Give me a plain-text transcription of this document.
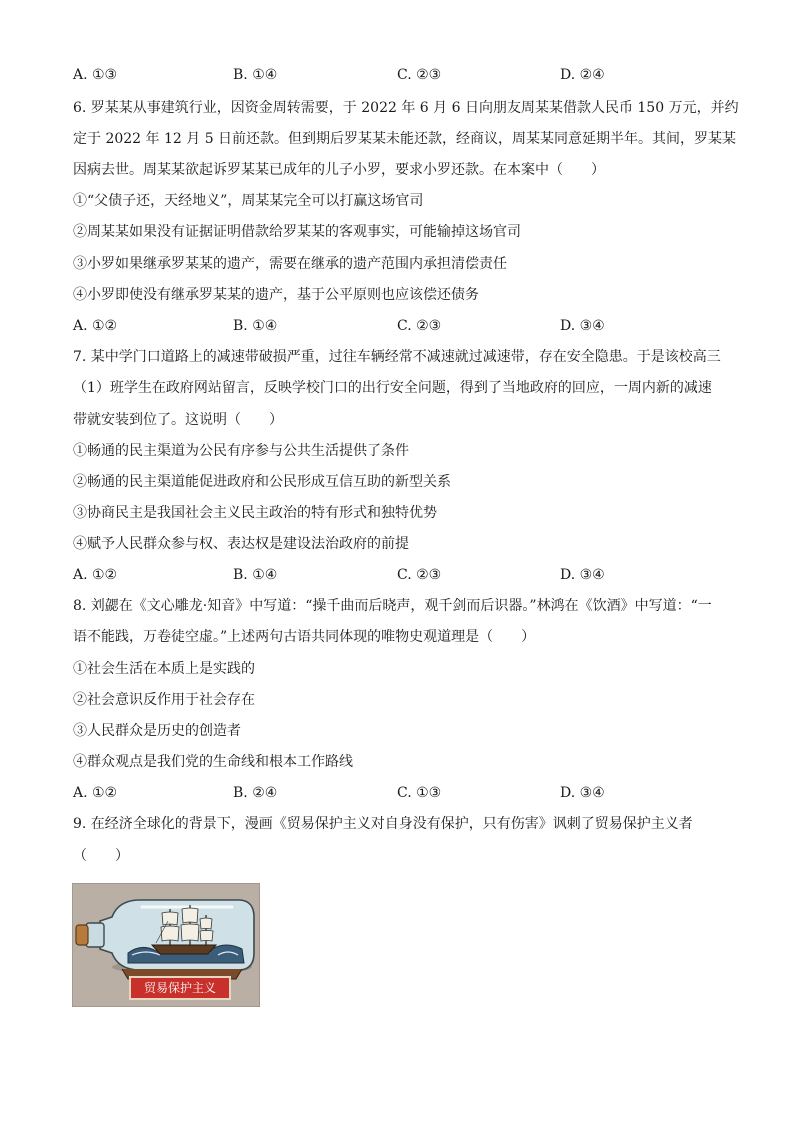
A. ①③	B. ①④	C. ②③	D. ②④
6. 罗某某从事建筑行业，因资金周转需要，于 2022 年 6 月 6 日向朋友周某某借款人民币 150 万元，并约
定于 2022 年 12 月 5 日前还款。但到期后罗某某未能还款，经商议，周某某同意延期半年。其间，罗某某
因病去世。周某某欲起诉罗某某已成年的儿子小罗，要求小罗还款。在本案中（　　）
①“父债子还，天经地义”，周某某完全可以打赢这场官司
②周某某如果没有证据证明借款给罗某某的客观事实，可能输掉这场官司
③小罗如果继承罗某某的遗产，需要在继承的遗产范围内承担清偿责任
④小罗即使没有继承罗某某的遗产，基于公平原则也应该偿还债务
A. ①②	B. ①④	C. ②③	D. ③④
7. 某中学门口道路上的减速带破损严重，过往车辆经常不减速就过减速带，存在安全隐患。于是该校高三
（1）班学生在政府网站留言，反映学校门口的出行安全问题，得到了当地政府的回应，一周内新的减速
带就安装到位了。这说明（　　）
①畅通的民主渠道为公民有序参与公共生活提供了条件
②畅通的民主渠道能促进政府和公民形成互信互助的新型关系
③协商民主是我国社会主义民主政治的特有形式和独特优势
④赋予人民群众参与权、表达权是建设法治政府的前提
A. ①②	B. ①④	C. ②③	D. ③④
8. 刘勰在《文心雕龙·知音》中写道：“操千曲而后晓声，观千剑而后识器。”林鸿在《饮酒》中写道：“一
语不能践，万卷徒空虚。”上述两句古语共同体现的唯物史观道理是（　　）
①社会生活在本质上是实践的
②社会意识反作用于社会存在
③人民群众是历史的创造者
④群众观点是我们党的生命线和根本工作路线
A. ①②	B. ②④	C. ①③	D. ③④
9. 在经济全球化的背景下，漫画《贸易保护主义对自身没有保护，只有伤害》讽刺了贸易保护主义者
（　　）
贸易保护主义
